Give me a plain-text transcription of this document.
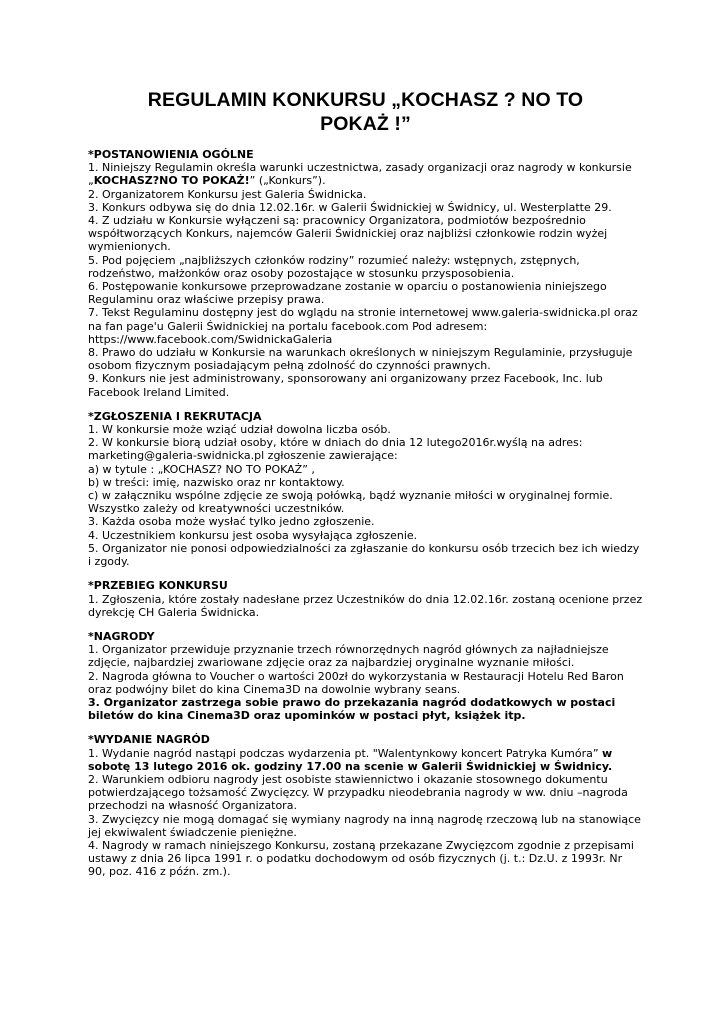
REGULAMIN KONKURSU „KOCHASZ ? NO TO
POKAŻ !”
*POSTANOWIENIA OGÓLNE
1. Niniejszy Regulamin określa warunki uczestnictwa, zasady organizacji oraz nagrody w konkursie „KOCHASZ?NO TO POKAŻ!” („Konkurs”).
2. Organizatorem Konkursu jest Galeria Świdnicka.
3. Konkurs odbywa się do dnia 12.02.16r. w Galerii Świdnickiej w Świdnicy, ul. Westerplatte 29.
4. Z udziału w Konkursie wyłączeni są: pracownicy Organizatora, podmiotów bezpośrednio współtworzących Konkurs, najemców Galerii Świdnickiej oraz najbliżsi członkowie rodzin wyżej wymienionych.
5. Pod pojęciem „najbliższych członków rodziny” rozumieć należy: wstępnych, zstępnych, rodzeństwo, małżonków oraz osoby pozostające w stosunku przysposobienia.
6. Postępowanie konkursowe przeprowadzane zostanie w oparciu o postanowienia niniejszego Regulaminu oraz właściwe przepisy prawa.
7. Tekst Regulaminu dostępny jest do wglądu na stronie internetowej www.galeria-swidnicka.pl oraz na fan page'u Galerii Świdnickiej na portalu facebook.com Pod adresem: https://www.facebook.com/SwidnickaGaleria
8. Prawo do udziału w Konkursie na warunkach określonych w niniejszym Regulaminie, przysługuje osobom fizycznym posiadającym pełną zdolność do czynności prawnych.
9. Konkurs nie jest administrowany, sponsorowany ani organizowany przez Facebook, Inc. lub Facebook Ireland Limited.
*ZGŁOSZENIA I REKRUTACJA
1. W konkursie może wziąć udział dowolna liczba osób.
2. W konkursie biorą udział osoby, które w dniach do dnia 12 lutego2016r.wyślą na adres: marketing@galeria-swidnicka.pl zgłoszenie zawierające:
a) w tytule : „KOCHASZ? NO TO POKAŻ” ,
b) w treści: imię, nazwisko oraz nr kontaktowy.
c) w załączniku wspólne zdjęcie ze swoją połówką, bądź wyznanie miłości w oryginalnej formie. Wszystko zależy od kreatywności uczestników.
3. Każda osoba może wysłać tylko jedno zgłoszenie.
4. Uczestnikiem konkursu jest osoba wysyłająca zgłoszenie.
5. Organizator nie ponosi odpowiedzialności za zgłaszanie do konkursu osób trzecich bez ich wiedzy i zgody.
*PRZEBIEG KONKURSU
1. Zgłoszenia, które zostały nadesłane przez Uczestników do dnia 12.02.16r. zostaną ocenione przez dyrekcję CH Galeria Świdnicka.
*NAGRODY
1. Organizator przewiduje przyznanie trzech równorzędnych nagród głównych za najładniejsze zdjęcie, najbardziej zwariowane zdjęcie oraz za najbardziej oryginalne wyznanie miłości.
2. Nagroda główna to Voucher o wartości 200zł do wykorzystania w Restauracji Hotelu Red Baron oraz podwójny bilet do kina Cinema3D na dowolnie wybrany seans.
3. Organizator zastrzega sobie prawo do przekazania nagród dodatkowych w postaci biletów do kina Cinema3D oraz upominków w postaci płyt, książek itp.
*WYDANIE NAGRÓD
1. Wydanie nagród nastąpi podczas wydarzenia pt. "Walentynkowy koncert Patryka Kumóra” w sobotę 13 lutego 2016 ok. godziny 17.00 na scenie w Galerii Świdnickiej w Świdnicy.
2. Warunkiem odbioru nagrody jest osobiste stawiennictwo i okazanie stosownego dokumentu potwierdzającego tożsamość Zwycięzcy. W przypadku nieodebrania nagrody w ww. dniu –nagroda przechodzi na własność Organizatora.
3. Zwycięzcy nie mogą domagać się wymiany nagrody na inną nagrodę rzeczową lub na stanowiące jej ekwiwalent świadczenie pieniężne.
4. Nagrody w ramach niniejszego Konkursu, zostaną przekazane Zwycięzcom zgodnie z przepisami ustawy z dnia 26 lipca 1991 r. o podatku dochodowym od osób fizycznych (j. t.: Dz.U. z 1993r. Nr 90, poz. 416 z późn. zm.).
